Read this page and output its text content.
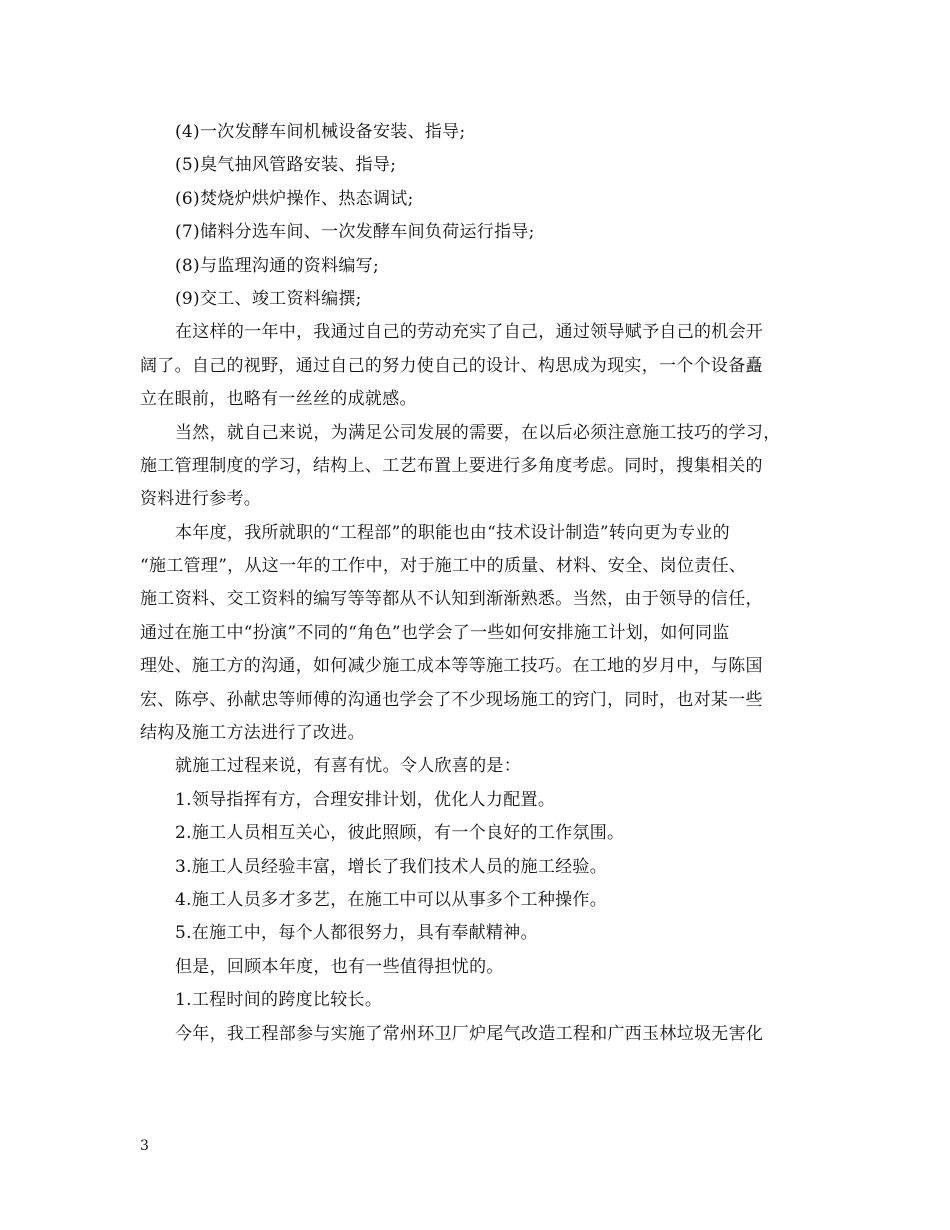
(4)一次发酵车间机械设备安装、指导;
(5)臭气抽风管路安装、指导;
(6)焚烧炉烘炉操作、热态调试;
(7)储料分选车间、一次发酵车间负荷运行指导;
(8)与监理沟通的资料编写;
(9)交工、竣工资料编撰;
在这样的一年中，我通过自己的劳动充实了自己，通过领导赋予自己的机会开
阔了。自己的视野，通过自己的努力使自己的设计、构思成为现实，一个个设备矗
立在眼前，也略有一丝丝的成就感。
当然，就自己来说，为满足公司发展的需要，在以后必须注意施工技巧的学习，
施工管理制度的学习，结构上、工艺布置上要进行多角度考虑。同时，搜集相关的
资料进行参考。
本年度，我所就职的“工程部”的职能也由“技术设计制造”转向更为专业的
“施工管理”，从这一年的工作中，对于施工中的质量、材料、安全、岗位责任、
施工资料、交工资料的编写等等都从不认知到渐渐熟悉。当然，由于领导的信任，
通过在施工中“扮演”不同的“角色”也学会了一些如何安排施工计划，如何同监
理处、施工方的沟通，如何减少施工成本等等施工技巧。在工地的岁月中，与陈国
宏、陈亭、孙献忠等师傅的沟通也学会了不少现场施工的窍门，同时，也对某一些
结构及施工方法进行了改进。
就施工过程来说，有喜有忧。令人欣喜的是：
1.领导指挥有方，合理安排计划，优化人力配置。
2.施工人员相互关心，彼此照顾，有一个良好的工作氛围。
3.施工人员经验丰富，增长了我们技术人员的施工经验。
4.施工人员多才多艺，在施工中可以从事多个工种操作。
5.在施工中，每个人都很努力，具有奉献精神。
但是，回顾本年度，也有一些值得担忧的。
1.工程时间的跨度比较长。
今年，我工程部参与实施了常州环卫厂炉尾气改造工程和广西玉林垃圾无害化
3
